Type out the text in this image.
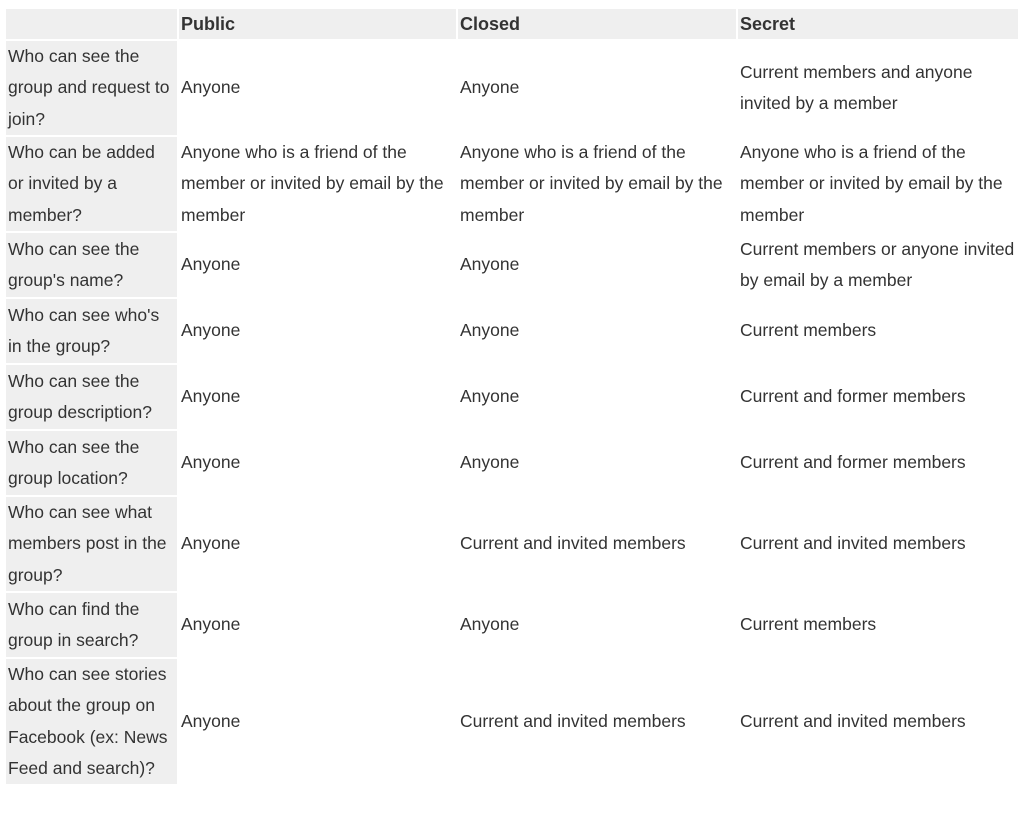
	Public	Closed	Secret
Who can see the group and request to join?	Anyone	Anyone	Current members and anyone invited by a member
Who can be added or invited by a member?	Anyone who is a friend of the member or invited by email by the member	Anyone who is a friend of the member or invited by email by the member	Anyone who is a friend of the member or invited by email by the member
Who can see the group's name?	Anyone	Anyone	Current members or anyone invited by email by a member
Who can see who's in the group?	Anyone	Anyone	Current members
Who can see the group description?	Anyone	Anyone	Current and former members
Who can see the group location?	Anyone	Anyone	Current and former members
Who can see what members post in the group?	Anyone	Current and invited members	Current and invited members
Who can find the group in search?	Anyone	Anyone	Current members
Who can see stories about the group on Facebook (ex: News Feed and search)?	Anyone	Current and invited members	Current and invited members
